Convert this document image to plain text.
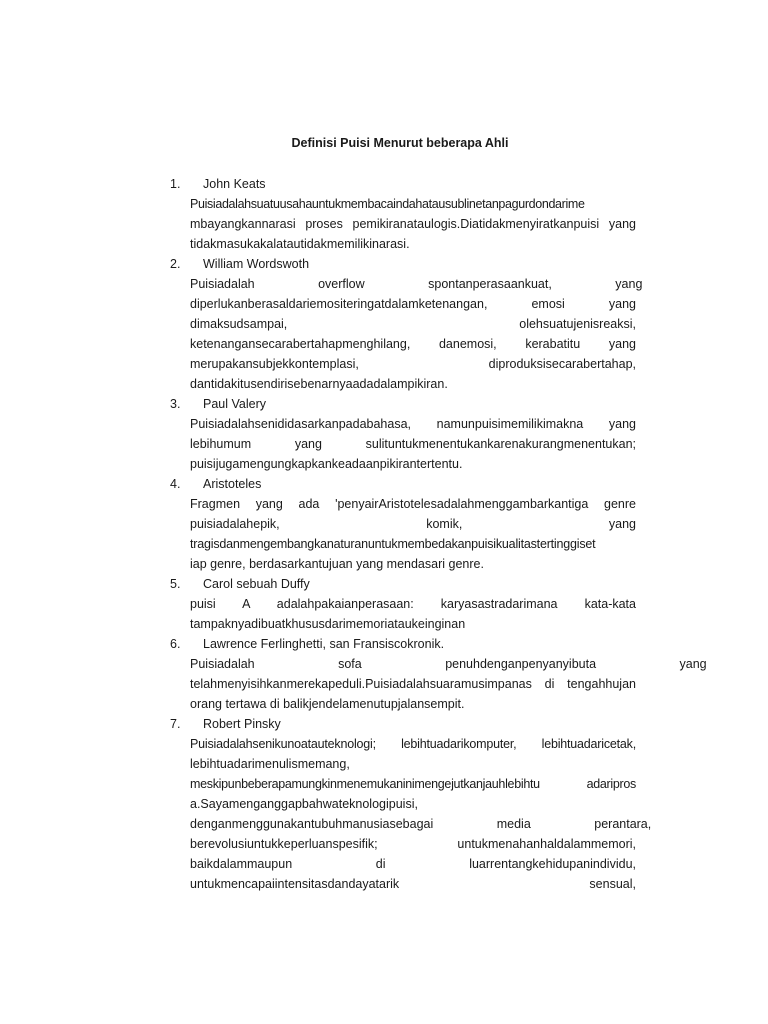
Definisi Puisi Menurut beberapa Ahli
1. John Keats
Puisiadalahsuatuusahauntukmembacaindahatausublinetanpagurdondarime
mbayangkannarasi proses pemikiranataulogis.Diatidakmenyiratkanpuisi yang
tidakmasukakalatautidakmemilikinarasi.
2. William Wordswoth
Puisiadalah overflow spontanperasaankuat, yang
diperlukanberasaldariemositeringatdalamketenangan, emosi yang
dimaksudsampai, olehsuatujenisreaksi,
ketenangansecarabertahapmenghilang, danemosi, kerabatitu yang
merupakansubjekkontemplasi, diproduksisecarabertahap,
dantidakitusendirisebenarnyaadadalampikiran.
3. Paul Valery
Puisiadalahsenididasarkanpadabahasa, namunpuisimemilikimakna yang
lebihumum yang sulituntukmenentukankarenakurangmenentukan;
puisijugamengungkapkankeadaanpikirantertentu.
4. Aristoteles
Fragmen yang ada 'penyairAristotelesadalahmenggambarkantiga genre
puisiadalahepik, komik, yang
tragisdanmengembangkanaturanuntukmembedakanpuisikualitastertinggiset
iap genre, berdasarkantujuan yang mendasari genre.
5. Carol sebuah Duffy
puisi A adalahpakaianperasaan: karyasastradarimana kata-kata
tampaknyadibuatkhususdarimemoriataukeinginan
6. Lawrence Ferlinghetti, san Fransiscokronik.
Puisiadalah sofa penuhdenganpenyanyibuta yang
telahmenyisihkanmerekapeduli.Puisiadalahsuaramusimpanas di tengahhujan
orang tertawa di balikjendelamenutupjalansempit.
7. Robert Pinsky
Puisiadalahsenikunoatauteknologi; lebihtuadarikomputer, lebihtuadaricetak,
lebihtuadarimenulismemang,
meskipunbeberapamungkinmenemukaninimengejutkanjauhlebihtu adaripros
a.Sayamenganggapbahwateknologipuisi,
denganmenggunakantubuhmanusiasebagai media perantara,
berevolusiuntukkeperluanspesifik; untukmenahanhaldalammemori,
baikdalammaupun di luarrentangkehidupanindividu,
untukmencapaiintensitasdandayatarik sensual,
